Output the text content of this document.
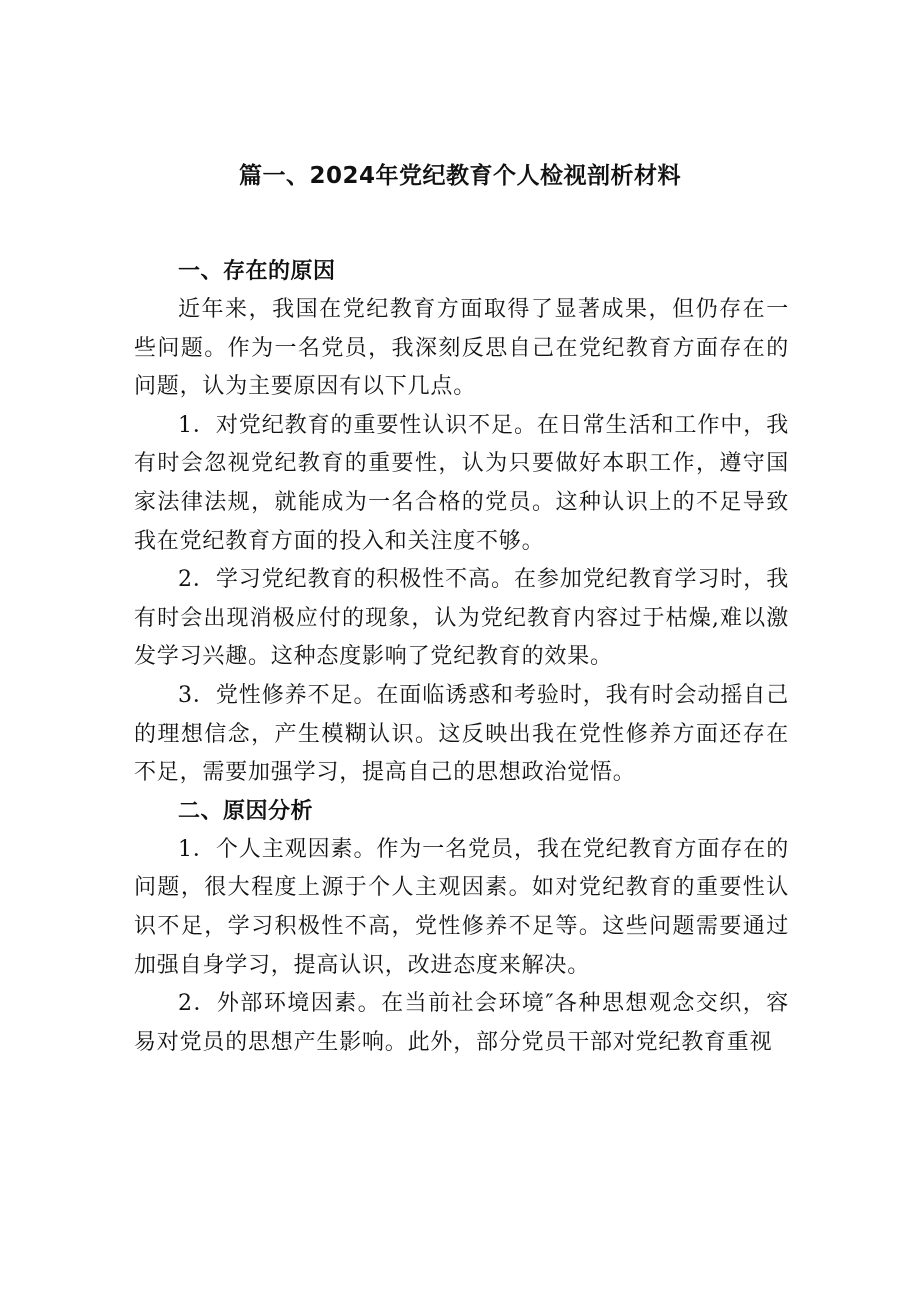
篇一、2024年党纪教育个人检视剖析材料
一、存在的原因

近年来，我国在党纪教育方面取得了显著成果，但仍存在一些问题。作为一名党员，我深刻反思自己在党纪教育方面存在的问题，认为主要原因有以下几点。

1．对党纪教育的重要性认识不足。在日常生活和工作中，我有时会忽视党纪教育的重要性，认为只要做好本职工作，遵守国家法律法规，就能成为一名合格的党员。这种认识上的不足导致我在党纪教育方面的投入和关注度不够。

2．学习党纪教育的积极性不高。在参加党纪教育学习时，我有时会出现消极应付的现象，认为党纪教育内容过于枯燥,难以激发学习兴趣。这种态度影响了党纪教育的效果。

3．党性修养不足。在面临诱惑和考验时，我有时会动摇自己的理想信念，产生模糊认识。这反映出我在党性修养方面还存在不足，需要加强学习，提高自己的思想政治觉悟。

二、原因分析

1．个人主观因素。作为一名党员，我在党纪教育方面存在的问题，很大程度上源于个人主观因素。如对党纪教育的重要性认识不足，学习积极性不高，党性修养不足等。这些问题需要通过加强自身学习，提高认识，改进态度来解决。

2．外部环境因素。在当前社会环境″各种思想观念交织，容易对党员的思想产生影响。此外，部分党员干部对党纪教育重视
